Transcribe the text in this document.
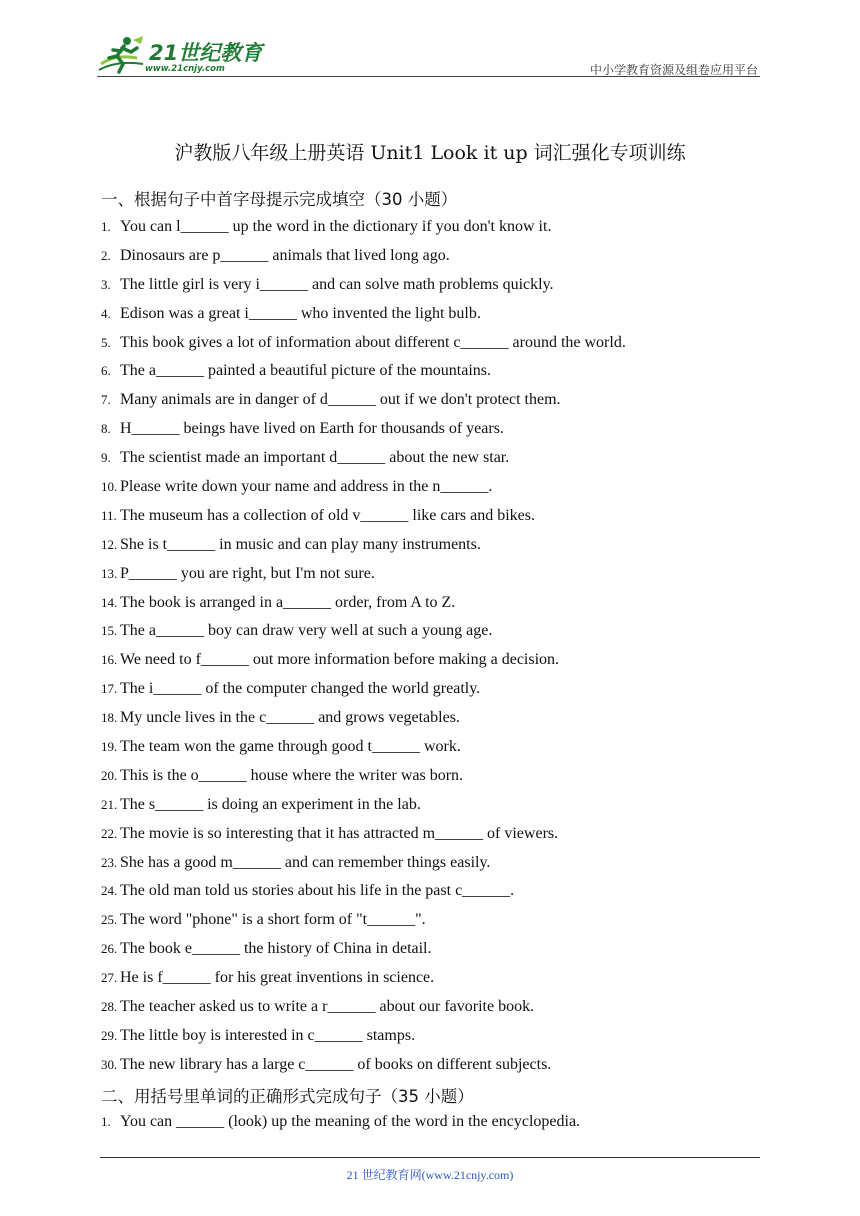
21世纪教育
www.21cnjy.com	中小学教育资源及组卷应用平台
沪教版八年级上册英语 Unit1 Look it up 词汇强化专项训练
一、根据句子中首字母提示完成填空（30 小题）
1. You can l______ up the word in the dictionary if you don't know it.
2. Dinosaurs are p______ animals that lived long ago.
3. The little girl is very i______ and can solve math problems quickly.
4. Edison was a great i______ who invented the light bulb.
5. This book gives a lot of information about different c______ around the world.
6. The a______ painted a beautiful picture of the mountains.
7. Many animals are in danger of d______ out if we don't protect them.
8. H______ beings have lived on Earth for thousands of years.
9. The scientist made an important d______ about the new star.
10. Please write down your name and address in the n______.
11. The museum has a collection of old v______ like cars and bikes.
12. She is t______ in music and can play many instruments.
13. P______ you are right, but I'm not sure.
14. The book is arranged in a______ order, from A to Z.
15. The a______ boy can draw very well at such a young age.
16. We need to f______ out more information before making a decision.
17. The i______ of the computer changed the world greatly.
18. My uncle lives in the c______ and grows vegetables.
19. The team won the game through good t______ work.
20. This is the o______ house where the writer was born.
21. The s______ is doing an experiment in the lab.
22. The movie is so interesting that it has attracted m______ of viewers.
23. She has a good m______ and can remember things easily.
24. The old man told us stories about his life in the past c______.
25. The word "phone" is a short form of "t______".
26. The book e______ the history of China in detail.
27. He is f______ for his great inventions in science.
28. The teacher asked us to write a r______ about our favorite book.
29. The little boy is interested in c______ stamps.
30. The new library has a large c______ of books on different subjects.
二、用括号里单词的正确形式完成句子（35 小题）
1. You can ______ (look) up the meaning of the word in the encyclopedia.
21 世纪教育网(www.21cnjy.com)
